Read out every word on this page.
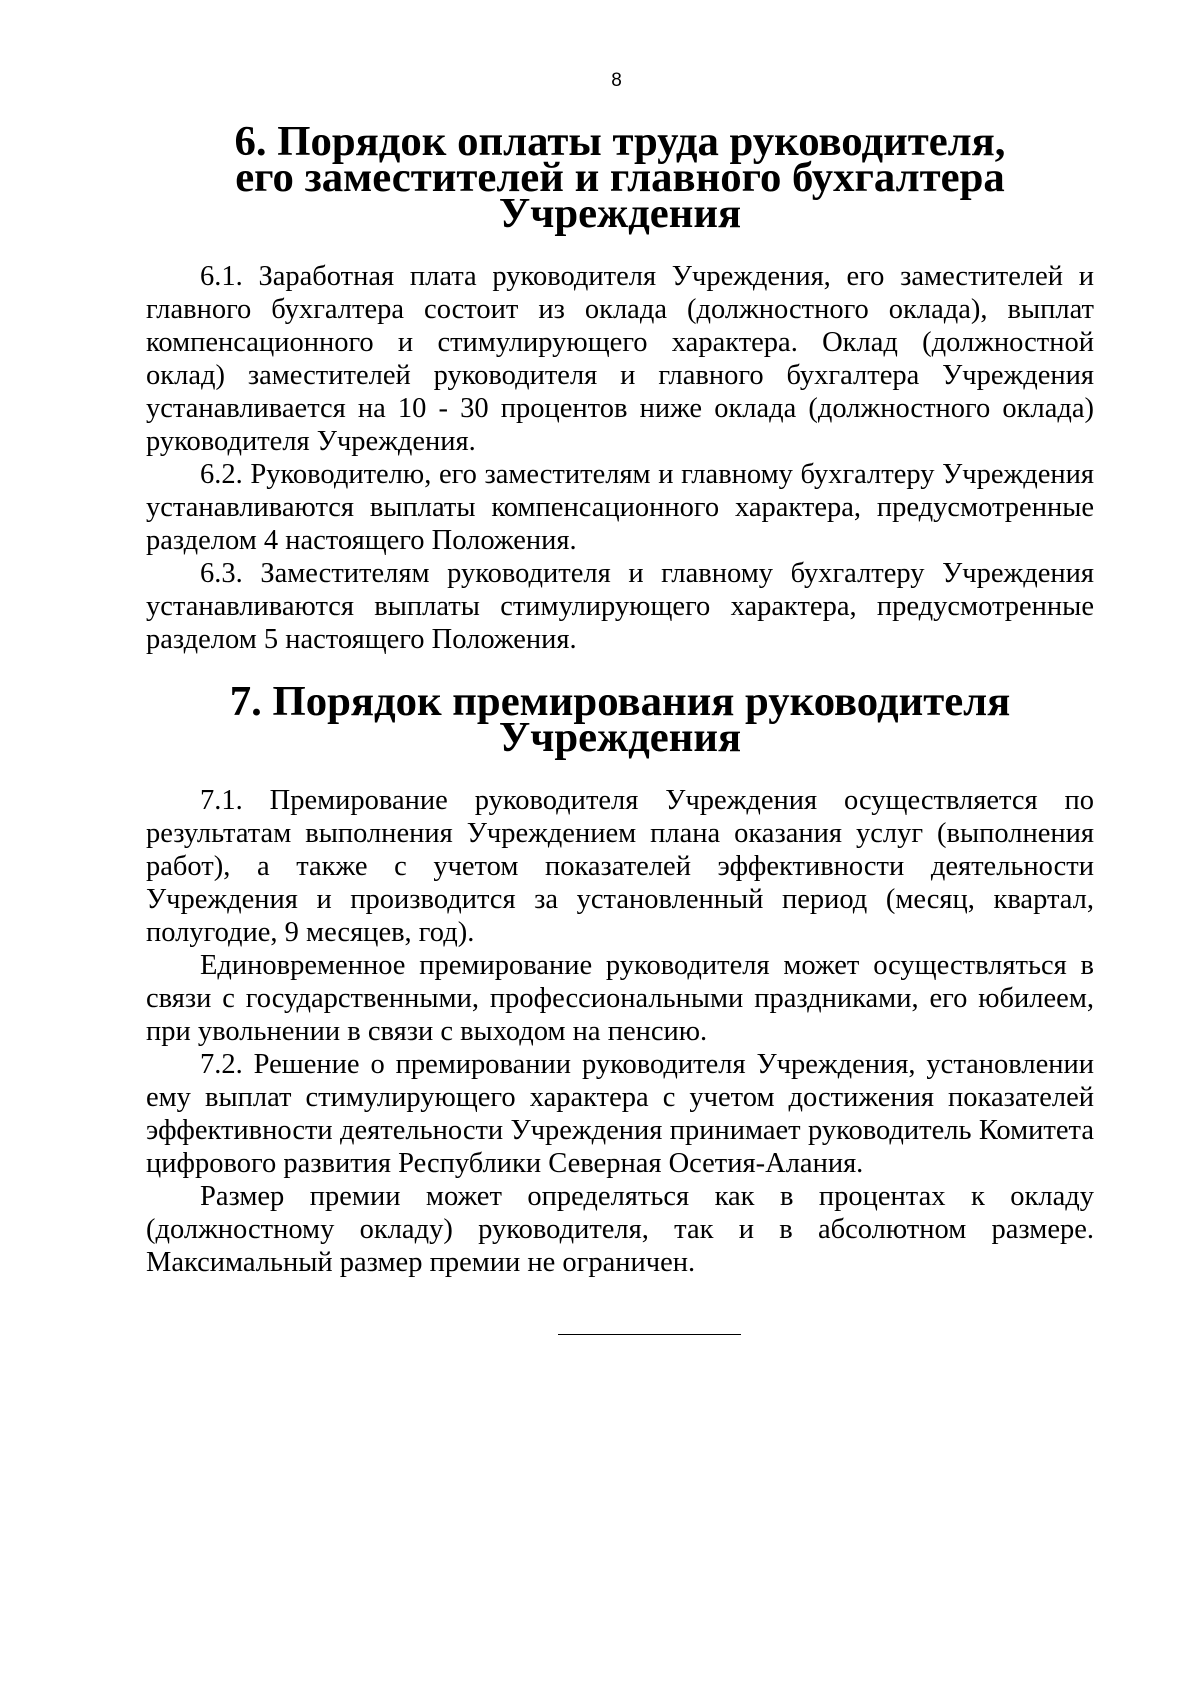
8
6. Порядок оплаты труда руководителя,
его заместителей и главного бухгалтера Учреждения

6.1. Заработная плата руководителя Учреждения, его заместителей и главного бухгалтера состоит из оклада (должностного оклада), выплат компенсационного и стимулирующего характера. Оклад (должностной оклад) заместителей руководителя и главного бухгалтера Учреждения устанавливается на 10 - 30 процентов ниже оклада (должностного оклада) руководителя Учреждения.

6.2. Руководителю, его заместителям и главному бухгалтеру Учреждения устанавливаются выплаты компенсационного характера, предусмотренные разделом 4 настоящего Положения.

6.3. Заместителям руководителя и главному бухгалтеру Учреждения устанавливаются выплаты стимулирующего характера, предусмотренные разделом 5 настоящего Положения.

7. Порядок премирования руководителя Учреждения

7.1. Премирование руководителя Учреждения осуществляется по результатам выполнения Учреждением плана оказания услуг (выполнения работ), а также с учетом показателей эффективности деятельности Учреждения и производится за установленный период (месяц, квартал, полугодие, 9 месяцев, год).

Единовременное премирование руководителя может осуществляться в связи с государственными, профессиональными праздниками, его юбилеем, при увольнении в связи с выходом на пенсию.

7.2. Решение о премировании руководителя Учреждения, установлении ему выплат стимулирующего характера с учетом достижения показателей эффективности деятельности Учреждения принимает руководитель Комитета цифрового развития Республики Северная Осетия-Алания.

Размер премии может определяться как в процентах к окладу (должностному окладу) руководителя, так и в абсолютном размере. Максимальный размер премии не ограничен.
